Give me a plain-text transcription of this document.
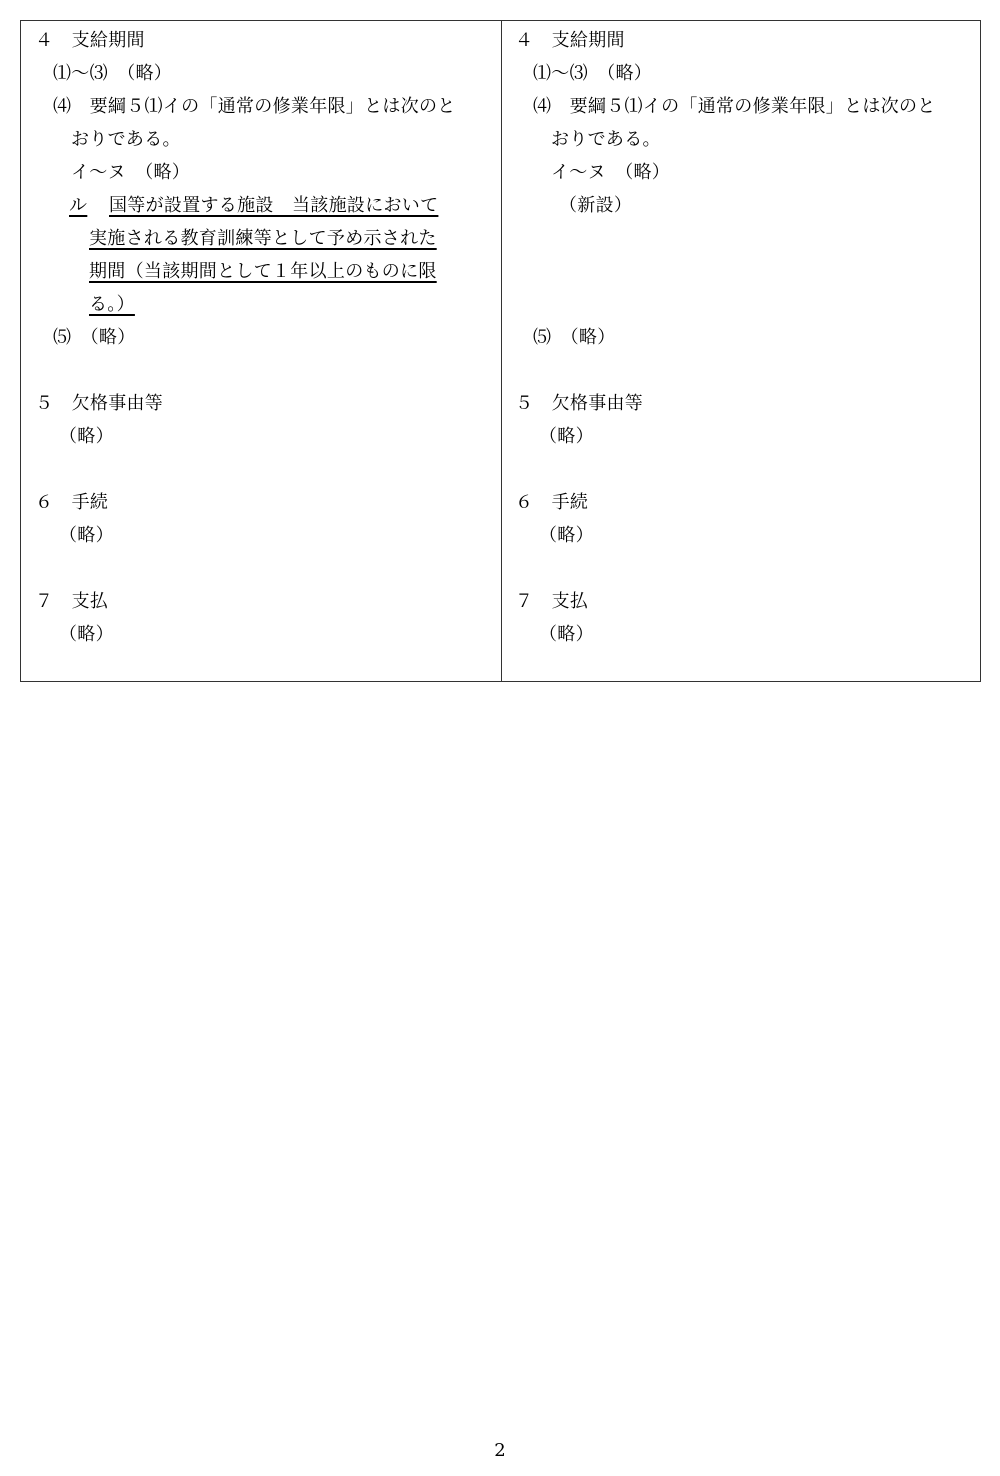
４　支給期間
⑴～⑶　（略）
⑷　要綱５⑴イの「通常の修業年限」とは次のと
おりである。
イ～ヌ　（略）
ル 国等が設置する施設　当該施設において
実施される教育訓練等として予め示された
期間（当該期間として１年以上のものに限
る。）
⑸　（略）
５　欠格事由等
（略）
６　手続
（略）
７　支払
（略）
４　支給期間
⑴～⑶　（略）
⑷　要綱５⑴イの「通常の修業年限」とは次のと
おりである。
イ～ヌ　（略）
（新設）
⑸　（略）
５　欠格事由等
（略）
６　手続
（略）
７　支払
（略）
2
